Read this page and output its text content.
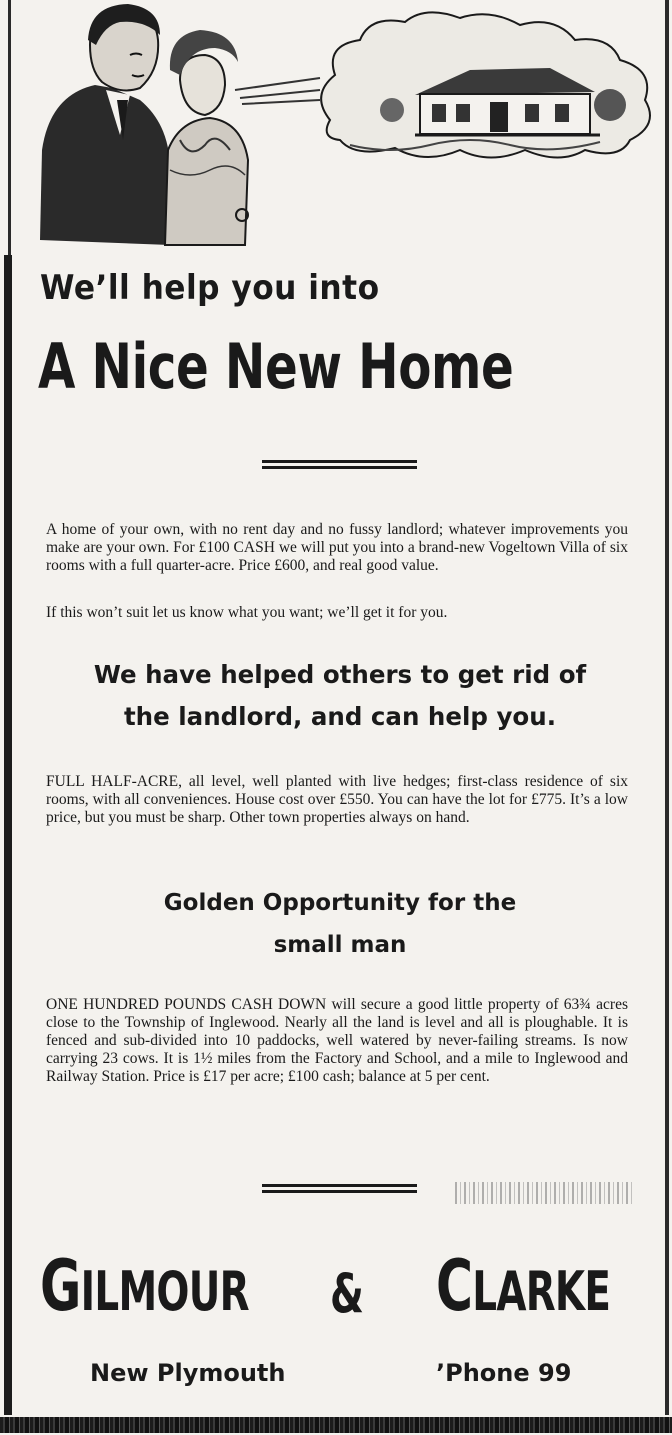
We’ll help you into
A Nice New Home

A home of your own, with no rent day and no fussy landlord; whatever improvements you make are your own. For £100 CASH we will put you into a brand-new Vogeltown Villa of six rooms with a full quarter-acre. Price £600, and real good value.

If this won’t suit let us know what you want; we’ll get it for you.

We have helped others to get rid of

the landlord, and can help you.

FULL HALF-ACRE, all level, well planted with live hedges; first-class residence of six rooms, with all conveniences. House cost over £550. You can have the lot for £775. It’s a low price, but you must be sharp. Other town properties always on hand.

Golden Opportunity for the

small man

ONE HUNDRED POUNDS CASH DOWN will secure a good little property of 63¾ acres close to the Township of Inglewood. Nearly all the land is level and all is ploughable. It is fenced and sub-divided into 10 paddocks, well watered by never-failing streams. Is now carrying 23 cows. It is 1½ miles from the Factory and School, and a mile to Inglewood and Railway Station. Price is £17 per acre; £100 cash; balance at 5 per cent.

GILMOUR & CLARKE
New Plymouth	’Phone 99
